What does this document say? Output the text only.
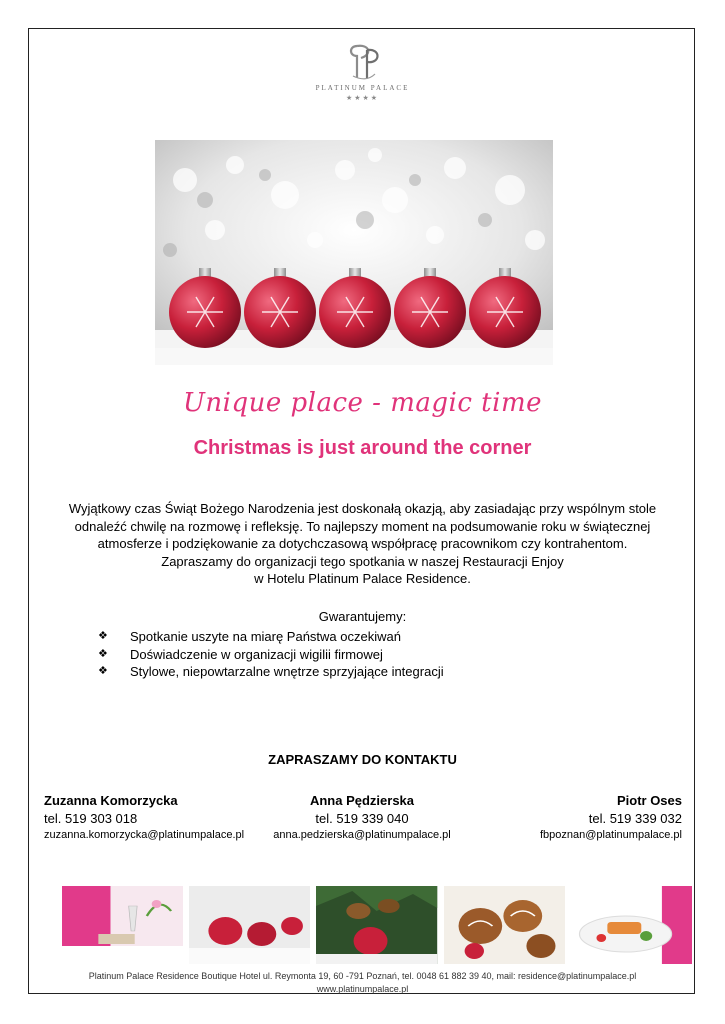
PLATINUM PALACE
★★★★
Unique place - magic time
Christmas is just around the corner

Wyjątkowy czas Świąt Bożego Narodzenia jest doskonałą okazją, aby zasiadając przy wspólnym stole

odnaleźć chwilę na rozmowę i refleksję. To najlepszy moment na podsumowanie roku w świątecznej

atmosferze i podziękowanie za dotychczasową współpracę pracownikom czy kontrahentom.

Zapraszamy do organizacji tego spotkania w naszej Restauracji Enjoy

w Hotelu Platinum Palace Residence.

Gwarantujemy:
❖	Spotkanie uszyte na miarę Państwa oczekiwań
❖	Doświadczenie w organizacji wigilii firmowej
❖	Stylowe, niepowtarzalne wnętrze sprzyjające integracji
ZAPRASZAMY DO KONTAKTU
Zuzanna Komorzycka
tel. 519 303 018
zuzanna.komorzycka@platinumpalace.pl
Anna Pędzierska
tel. 519 339 040
anna.pedzierska@platinumpalace.pl
Piotr Oses
tel. 519 339 032
fbpoznan@platinumpalace.pl
Platinum Palace Residence Boutique Hotel ul. Reymonta 19, 60 -791 Poznań, tel. 0048 61 882 39 40, mail: residence@platinumpalace.pl
www.platinumpalace.pl
